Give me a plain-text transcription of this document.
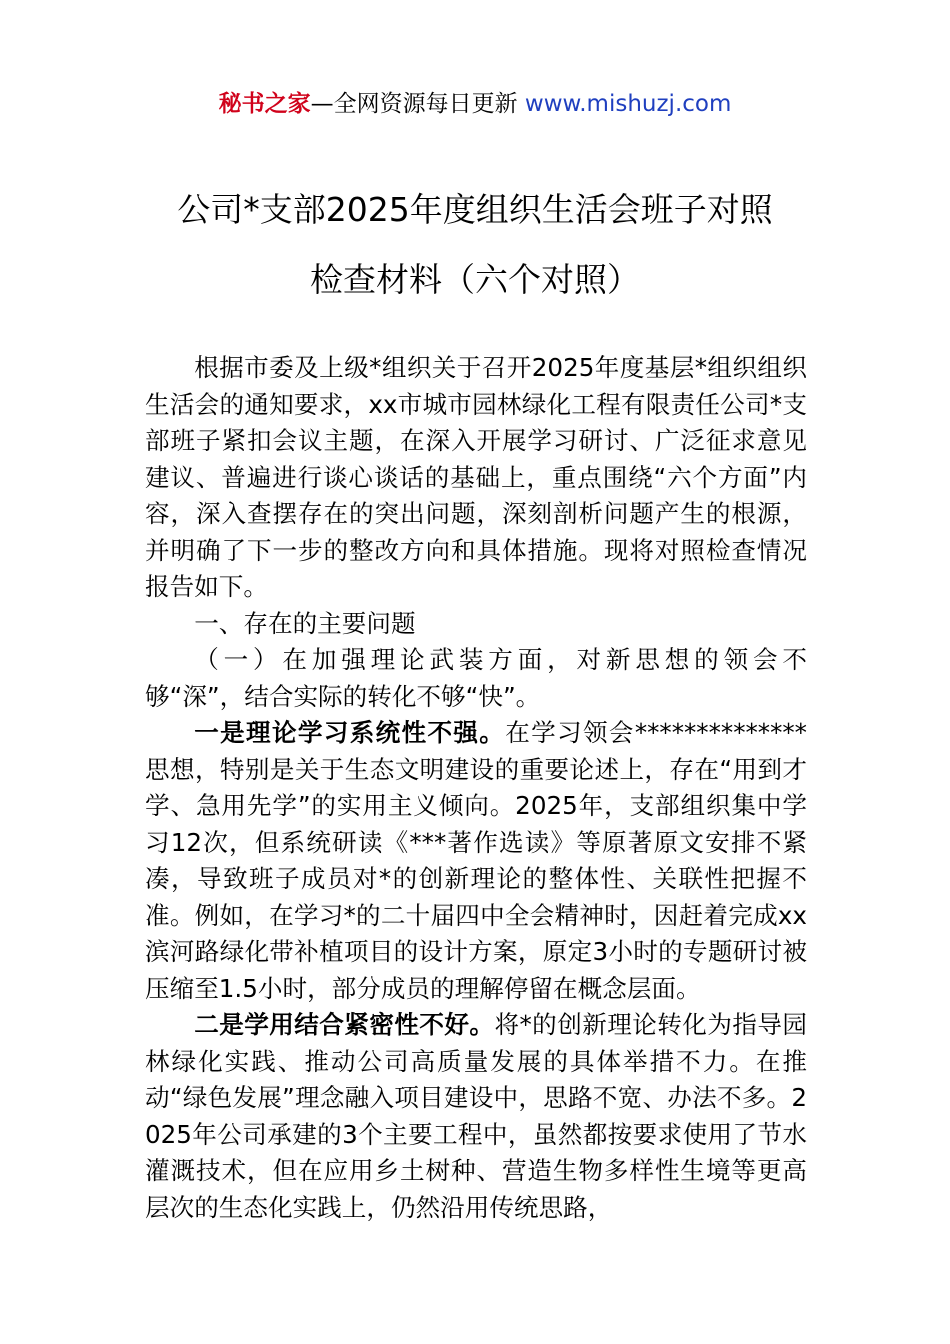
秘书之家—全网资源每日更新 www.mishuzj.com
公司*支部2025年度组织生活会班子对照
检查材料（六个对照）

根据市委及上级*组织关于召开2025年度基层*组织组织生活会的通知要求，xx市城市园林绿化工程有限责任公司*支部班子紧扣会议主题，在深入开展学习研讨、广泛征求意见建议、普遍进行谈心谈话的基础上，重点围绕“六个方面”内容，深入查摆存在的突出问题，深刻剖析问题产生的根源，并明确了下一步的整改方向和具体措施。现将对照检查情况报告如下。

一、存在的主要问题

（一）在加强理论武装方面，对新思想的领会不够“深”，结合实际的转化不够“快”。

一是理论学习系统性不强。在学习领会**************思想，特别是关于生态文明建设的重要论述上，存在“用到才学、急用先学”的实用主义倾向。2025年，支部组织集中学习12次，但系统研读《***著作选读》等原著原文安排不紧凑，导致班子成员对*的创新理论的整体性、关联性把握不准。例如，在学习*的二十届四中全会精神时，因赶着完成xx滨河路绿化带补植项目的设计方案，原定3小时的专题研讨被压缩至1.5小时，部分成员的理解停留在概念层面。

二是学用结合紧密性不好。将*的创新理论转化为指导园林绿化实践、推动公司高质量发展的具体举措不力。在推动“绿色发展”理念融入项目建设中，思路不宽、办法不多。2025年公司承建的3个主要工程中，虽然都按要求使用了节水灌溉技术，但在应用乡土树种、营造生物多样性生境等更高层次的生态化实践上，仍然沿用传统思路，
